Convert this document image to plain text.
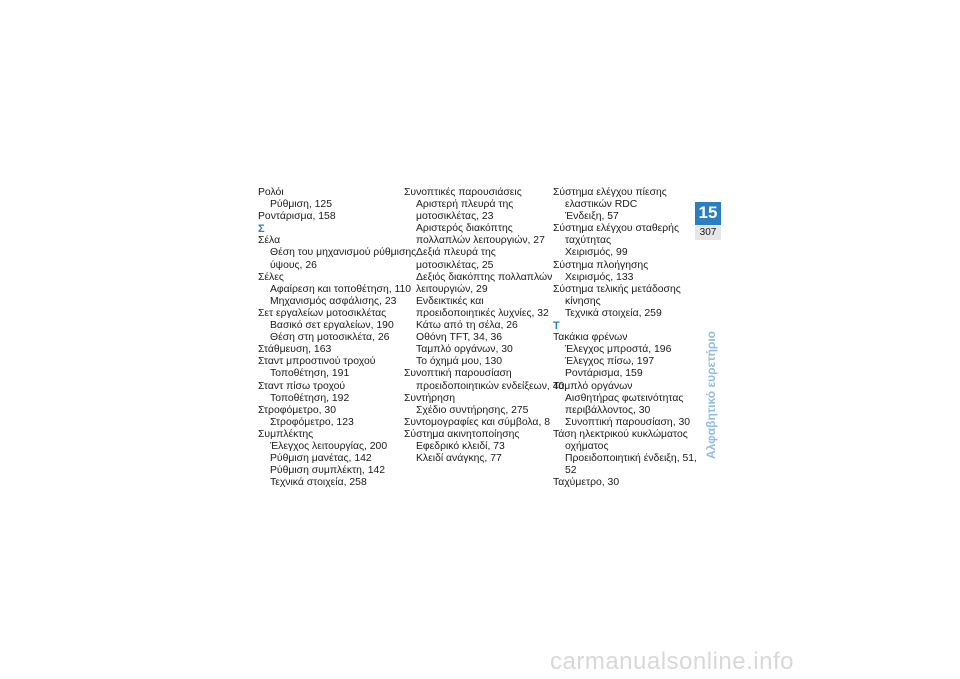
Ρολόι
Ρύθμιση, 125
Ροντάρισμα, 158
Σ
Σέλα
Θέση του μηχανισμού ρύθμισης
ύψους, 26
Σέλες
Αφαίρεση και τοποθέτηση, 110
Μηχανισμός ασφάλισης, 23
Σετ εργαλείων μοτοσικλέτας
Βασικό σετ εργαλείων, 190
Θέση στη μοτοσικλέτα, 26
Στάθμευση, 163
Σταντ μπροστινού τροχού
Τοποθέτηση, 191
Σταντ πίσω τροχού
Τοποθέτηση, 192
Στροφόμετρο, 30
Στροφόμετρο, 123
Συμπλέκτης
Έλεγχος λειτουργίας, 200
Ρύθμιση μανέτας, 142
Ρύθμιση συμπλέκτη, 142
Τεχνικά στοιχεία, 258
Συνοπτικές παρουσιάσεις
Αριστερή πλευρά της
μοτοσικλέτας, 23
Αριστερός διακόπτης
πολλαπλών λειτουργιών, 27
Δεξιά πλευρά της
μοτοσικλέτας, 25
Δεξιός διακόπτης πολλαπλών
λειτουργιών, 29
Ενδεικτικές και
προειδοποιητικές λυχνίες, 32
Κάτω από τη σέλα, 26
Οθόνη TFT, 34, 36
Ταμπλό οργάνων, 30
Το όχημά μου, 130
Συνοπτική παρουσίαση
προειδοποιητικών ενδείξεων, 40
Συντήρηση
Σχέδιο συντήρησης, 275
Συντομογραφίες και σύμβολα, 8
Σύστημα ακινητοποίησης
Εφεδρικό κλειδί, 73
Κλειδί ανάγκης, 77
Σύστημα ελέγχου πίεσης
ελαστικών RDC
Ένδειξη, 57
Σύστημα ελέγχου σταθερής
ταχύτητας
Χειρισμός, 99
Σύστημα πλοήγησης
Χειρισμός, 133
Σύστημα τελικής μετάδοσης
κίνησης
Τεχνικά στοιχεία, 259
Τ
Τακάκια φρένων
Έλεγχος μπροστά, 196
Έλεγχος πίσω, 197
Ροντάρισμα, 159
Ταμπλό οργάνων
Αισθητήρας φωτεινότητας
περιβάλλοντος, 30
Συνοπτική παρουσίαση, 30
Τάση ηλεκτρικού κυκλώματος
οχήματος
Προειδοποιητική ένδειξη, 51,
52
Ταχύμετρο, 30
15
307
Αλφαβητικό ευρετήριο
carmanualsonline.info
